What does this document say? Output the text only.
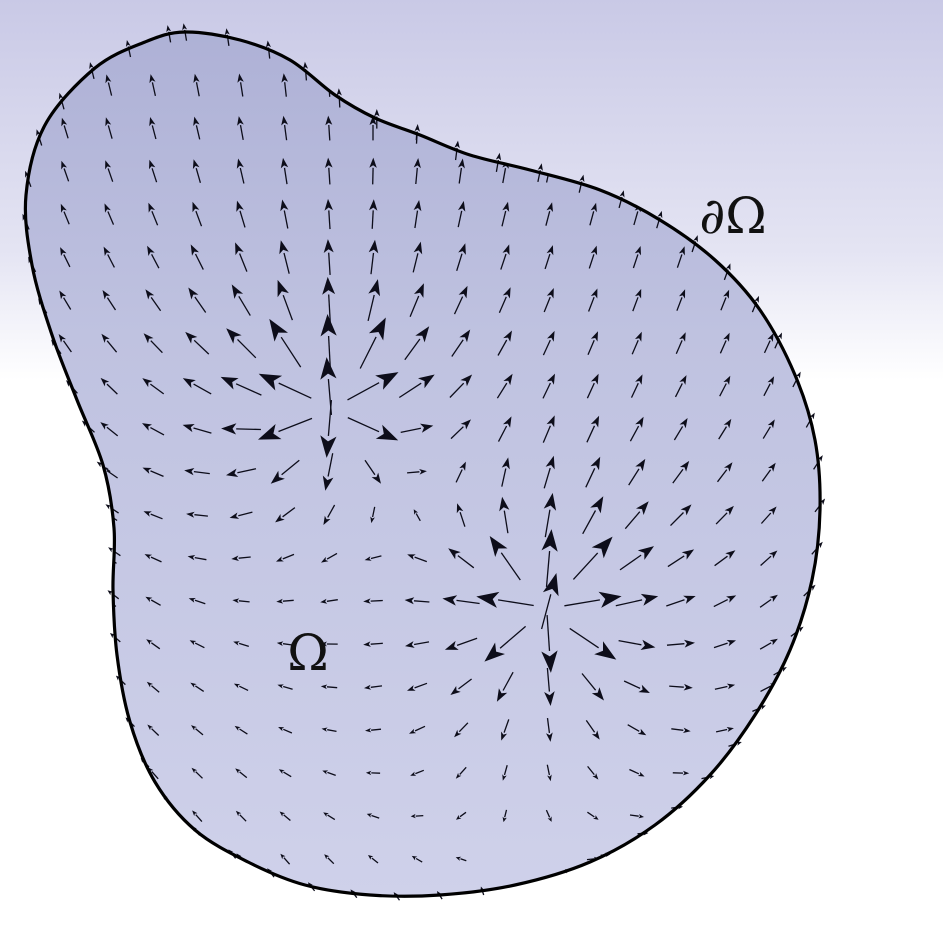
Ω
∂Ω
